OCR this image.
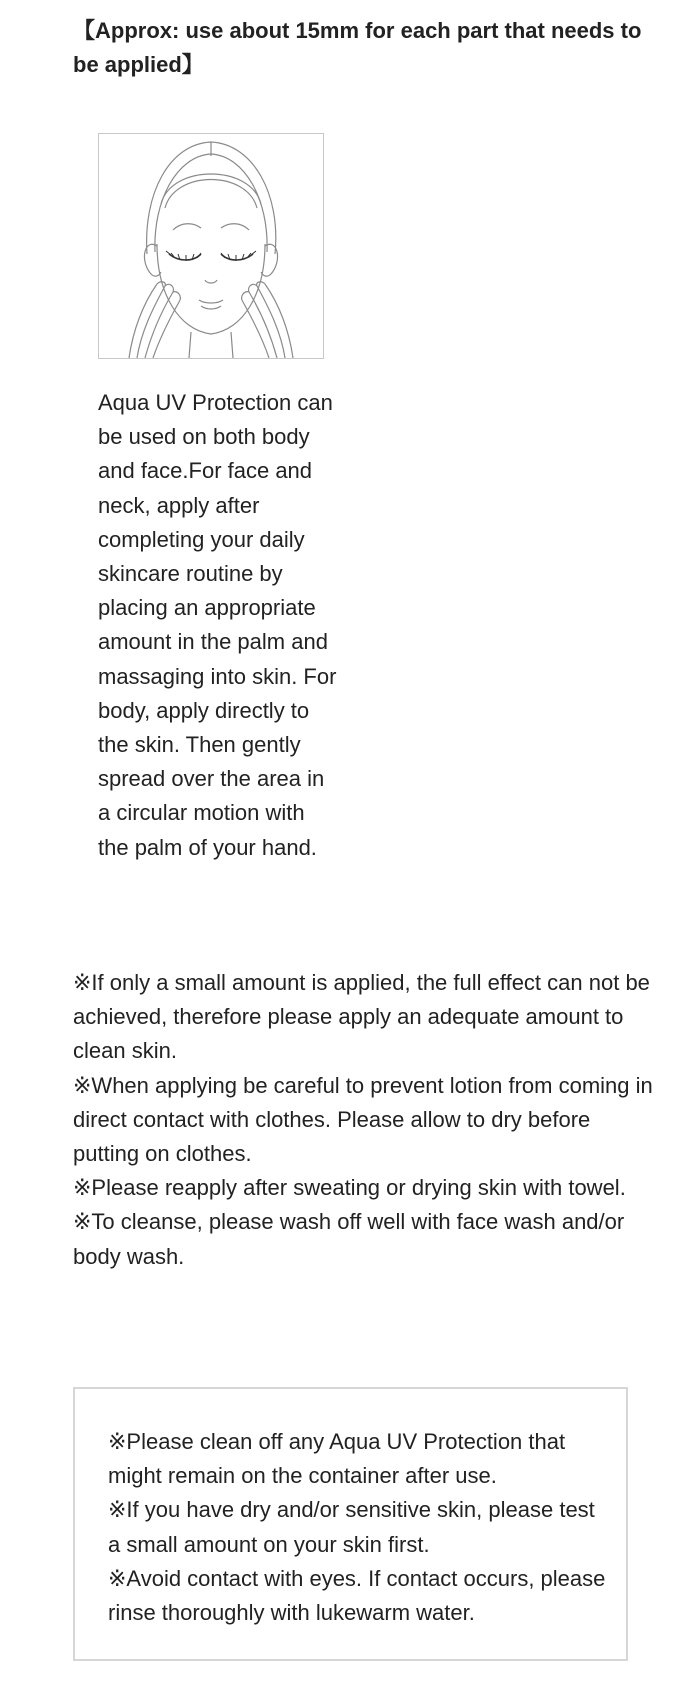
【Approx: use about 15mm for each part that needs to be applied】

Aqua UV Protection can be used on both body and face.For face and neck, apply after completing your daily skincare routine by placing an appropriate amount in the palm and massaging into skin. For body, apply directly to the skin. Then gently spread over the area in a circular motion with the palm of your hand.

※If only a small amount is applied, the full effect can not be achieved, therefore please apply an adequate amount to clean skin.

※When applying be careful to prevent lotion from coming in direct contact with clothes. Please allow to dry before putting on clothes.

※Please reapply after sweating or drying skin with towel.

※To cleanse, please wash off well with face wash and/or body wash.

※Please clean off any Aqua UV Protection that might remain on the container after use.

※If you have dry and/or sensitive skin, please test a small amount on your skin first.

※Avoid contact with eyes. If contact occurs, please rinse thoroughly with lukewarm water.
